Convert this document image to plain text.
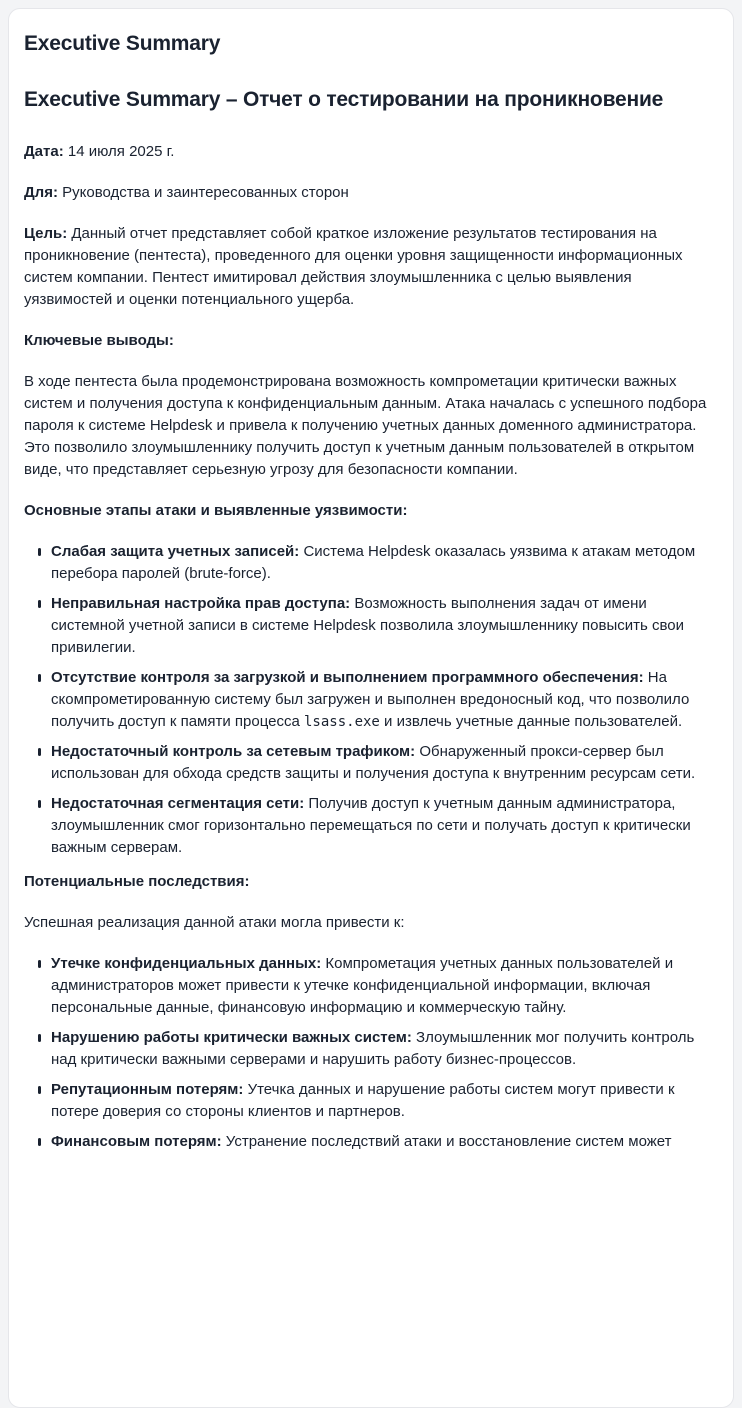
Executive Summary
Executive Summary – Отчет о тестировании на проникновение

Дата: 14 июля 2025 г.

Для: Руководства и заинтересованных сторон

Цель: Данный отчет представляет собой краткое изложение результатов тестирования на проникновение (пентеста), проведенного для оценки уровня защищенности информационных систем компании. Пентест имитировал действия злоумышленника с целью выявления уязвимостей и оценки потенциального ущерба.

Ключевые выводы:

В ходе пентеста была продемонстрирована возможность компрометации критически важных систем и получения доступа к конфиденциальным данным. Атака началась с успешного подбора пароля к системе Helpdesk и привела к получению учетных данных доменного администратора. Это позволило злоумышленнику получить доступ к учетным данным пользователей в открытом виде, что представляет серьезную угрозу для безопасности компании.

Основные этапы атаки и выявленные уязвимости:

Слабая защита учетных записей: Система Helpdesk оказалась уязвима к атакам методом перебора паролей (brute-force).
Неправильная настройка прав доступа: Возможность выполнения задач от имени системной учетной записи в системе Helpdesk позволила злоумышленнику повысить свои привилегии.
Отсутствие контроля за загрузкой и выполнением программного обеспечения: На скомпрометированную систему был загружен и выполнен вредоносный код, что позволило получить доступ к памяти процесса lsass.exe и извлечь учетные данные пользователей.
Недостаточный контроль за сетевым трафиком: Обнаруженный прокси-сервер был использован для обхода средств защиты и получения доступа к внутренним ресурсам сети.
Недостаточная сегментация сети: Получив доступ к учетным данным администратора, злоумышленник смог горизонтально перемещаться по сети и получать доступ к критически важным серверам.

Потенциальные последствия:

Успешная реализация данной атаки могла привести к:

Утечке конфиденциальных данных: Компрометация учетных данных пользователей и администраторов может привести к утечке конфиденциальной информации, включая персональные данные, финансовую информацию и коммерческую тайну.
Нарушению работы критически важных систем: Злоумышленник мог получить контроль над критически важными серверами и нарушить работу бизнес-процессов.
Репутационным потерям: Утечка данных и нарушение работы систем могут привести к потере доверия со стороны клиентов и партнеров.
Финансовым потерям: Устранение последствий атаки и восстановление систем может
